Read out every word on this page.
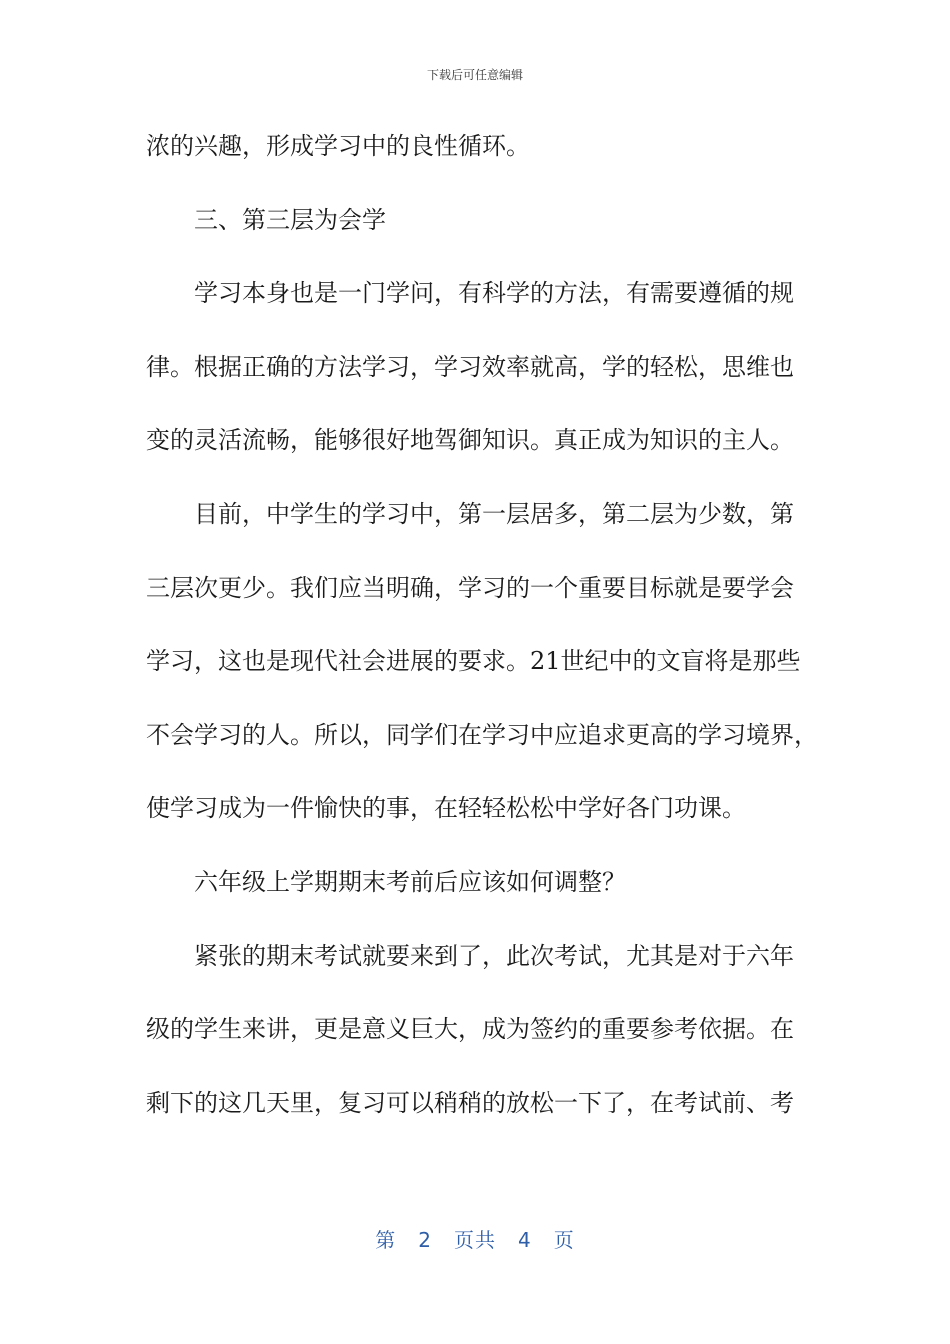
下载后可任意编辑
浓的兴趣，形成学习中的良性循环。
三、第三层为会学
学习本身也是一门学问，有科学的方法，有需要遵循的规
律。根据正确的方法学习，学习效率就高，学的轻松，思维也
变的灵活流畅，能够很好地驾御知识。真正成为知识的主人。
目前，中学生的学习中，第一层居多，第二层为少数，第
三层次更少。我们应当明确，学习的一个重要目标就是要学会
学习，这也是现代社会进展的要求。21世纪中的文盲将是那些
不会学习的人。所以，同学们在学习中应追求更高的学习境界，
使学习成为一件愉快的事，在轻轻松松中学好各门功课。
六年级上学期期末考前后应该如何调整？
紧张的期末考试就要来到了，此次考试，尤其是对于六年
级的学生来讲，更是意义巨大，成为签约的重要参考依据。在
剩下的这几天里，复习可以稍稍的放松一下了，在考试前、考
第 2 页共 4 页
